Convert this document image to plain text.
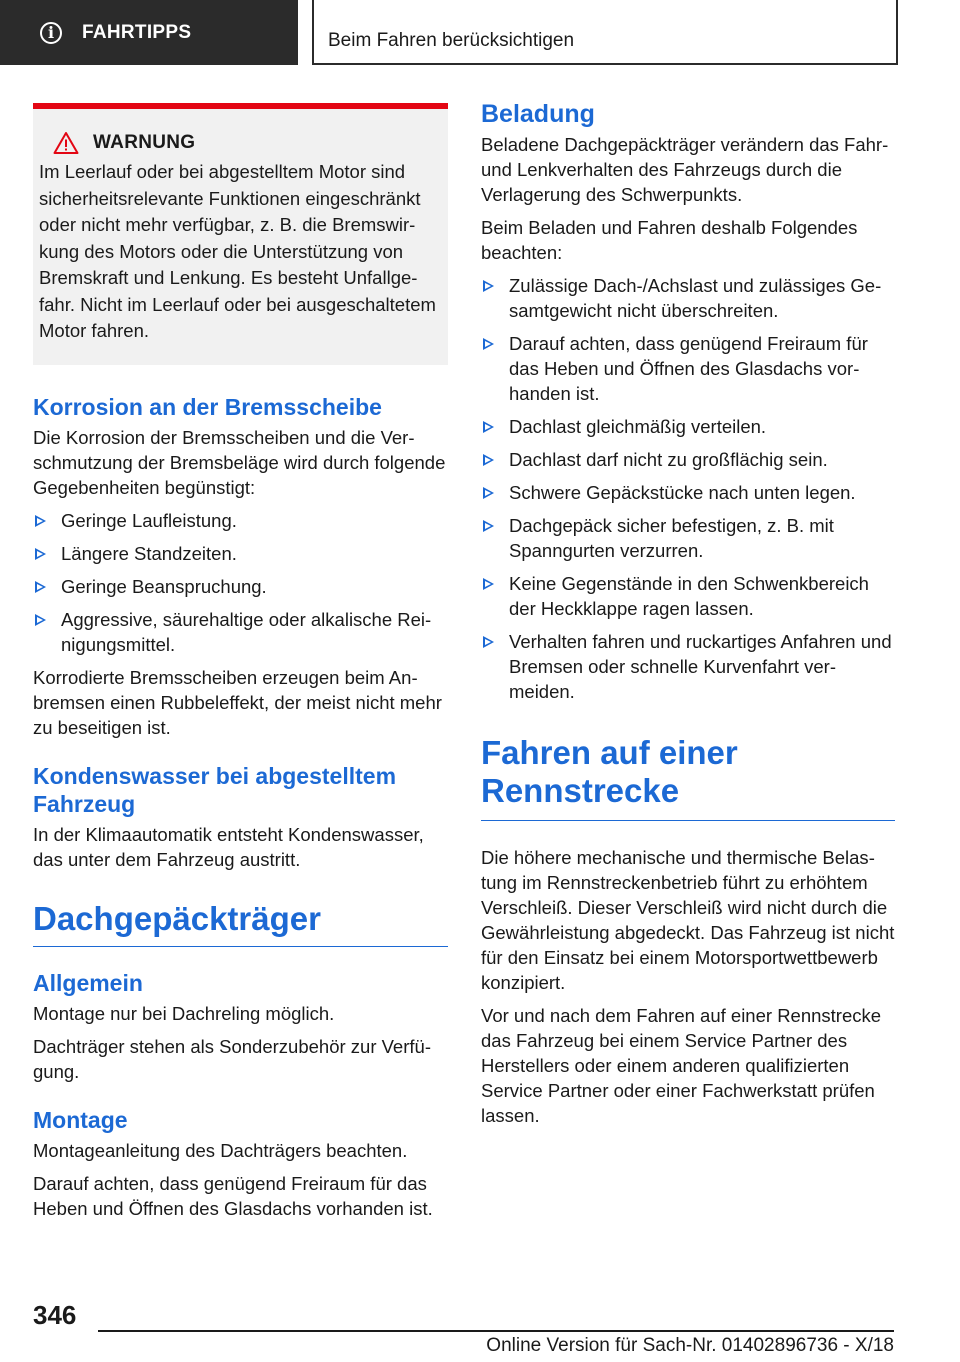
i	FAHRTIPPS	Beim Fahren berücksichtigen
WARNUNG
Im Leerlauf oder bei abgestelltem Motor sind sicherheitsrelevante Funktionen eingeschränkt oder nicht mehr verfügbar, z. B. die Bremswirkung des Motors oder die Unterstützung von Bremskraft und Lenkung. Es besteht Unfallgefahr. Nicht im Leerlauf oder bei ausgeschaltetem Motor fahren.
Korrosion an der Bremsscheibe

Die Korrosion der Bremsscheiben und die Verschmutzung der Bremsbeläge wird durch folgende Gegebenheiten begünstigt:

Geringe Laufleistung.
Längere Standzeiten.
Geringe Beanspruchung.
Aggressive, säurehaltige oder alkalische Reinigungsmittel.

Korrodierte Bremsscheiben erzeugen beim Anbremsen einen Rubbeleffekt, der meist nicht mehr zu beseitigen ist.

Kondenswasser bei abgestelltem Fahrzeug

In der Klimaautomatik entsteht Kondenswasser, das unter dem Fahrzeug austritt.

Dachgepäckträger
Allgemein

Montage nur bei Dachreling möglich.

Dachträger stehen als Sonderzubehör zur Verfügung.

Montage

Montageanleitung des Dachträgers beachten.

Darauf achten, dass genügend Freiraum für das Heben und Öffnen des Glasdachs vorhanden ist.

Beladung

Beladene Dachgepäckträger verändern das Fahr- und Lenkverhalten des Fahrzeugs durch die Verlagerung des Schwerpunkts.

Beim Beladen und Fahren deshalb Folgendes beachten:

Zulässige Dach-/Achslast und zulässiges Gesamtgewicht nicht überschreiten.
Darauf achten, dass genügend Freiraum für das Heben und Öffnen des Glasdachs vorhanden ist.
Dachlast gleichmäßig verteilen.
Dachlast darf nicht zu großflächig sein.
Schwere Gepäckstücke nach unten legen.
Dachgepäck sicher befestigen, z. B. mit Spanngurten verzurren.
Keine Gegenstände in den Schwenkbereich der Heckklappe ragen lassen.
Verhalten fahren und ruckartiges Anfahren und Bremsen oder schnelle Kurvenfahrt vermeiden.
Fahren auf einer Rennstrecke

Die höhere mechanische und thermische Belastung im Rennstreckenbetrieb führt zu erhöhtem Verschleiß. Dieser Verschleiß wird nicht durch die Gewährleistung abgedeckt. Das Fahrzeug ist nicht für den Einsatz bei einem Motorsportwettbewerb konzipiert.

Vor und nach dem Fahren auf einer Rennstrecke das Fahrzeug bei einem Service Partner des Herstellers oder einem anderen qualifizierten Service Partner oder einer Fachwerkstatt prüfen lassen.

346
Online Version für Sach-Nr. 01402896736 - X/18
